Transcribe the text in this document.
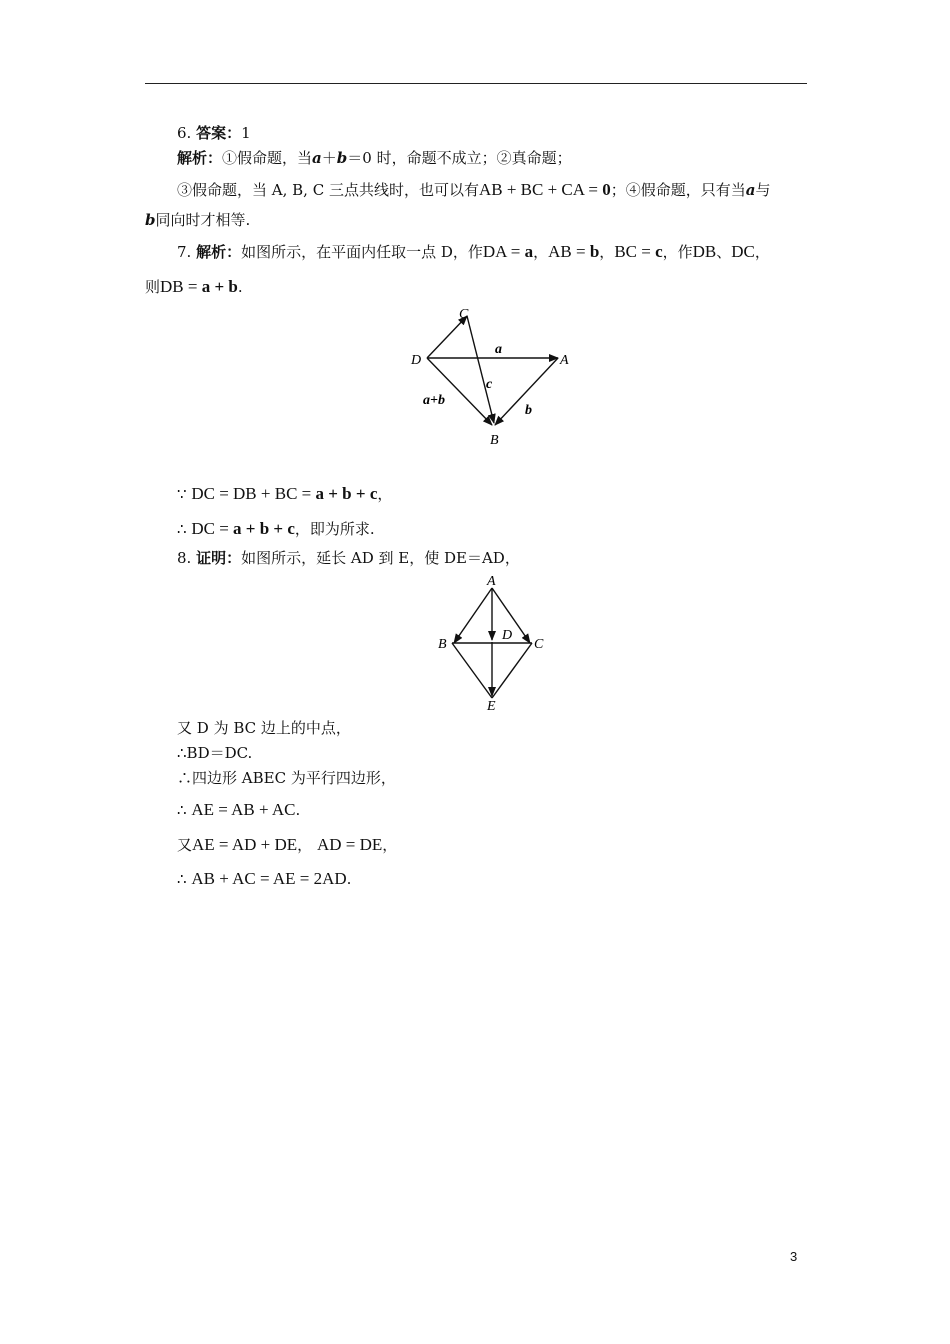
6. 答案：1
解析：①假命题，当a＋b＝0 时，命题不成立；②真命题；
③假命题，当 A, B, C 三点共线时，也可以有AB + BC + CA = 0；④假命题，只有当a与
b同向时才相等.
7. 解析：如图所示，在平面内任取一点 D，作DA = a，AB = b，BC = c，作DB、DC，
则DB = a + b.
C
D	A
B
a
c
b
a+b
∵ DC = DB + BC = a + b + c，
∴ DC = a + b + c，即为所求.
8. 证明：如图所示，延长 AD 到 E，使 DE＝AD，
A
B	C
D
E
又 D 为 BC 边上的中点，
∴BD＝DC.
∴四边形 ABEC 为平行四边形，
∴ AE = AB + AC.
又AE = AD + DE， AD = DE，
∴ AB + AC = AE = 2AD.
3
